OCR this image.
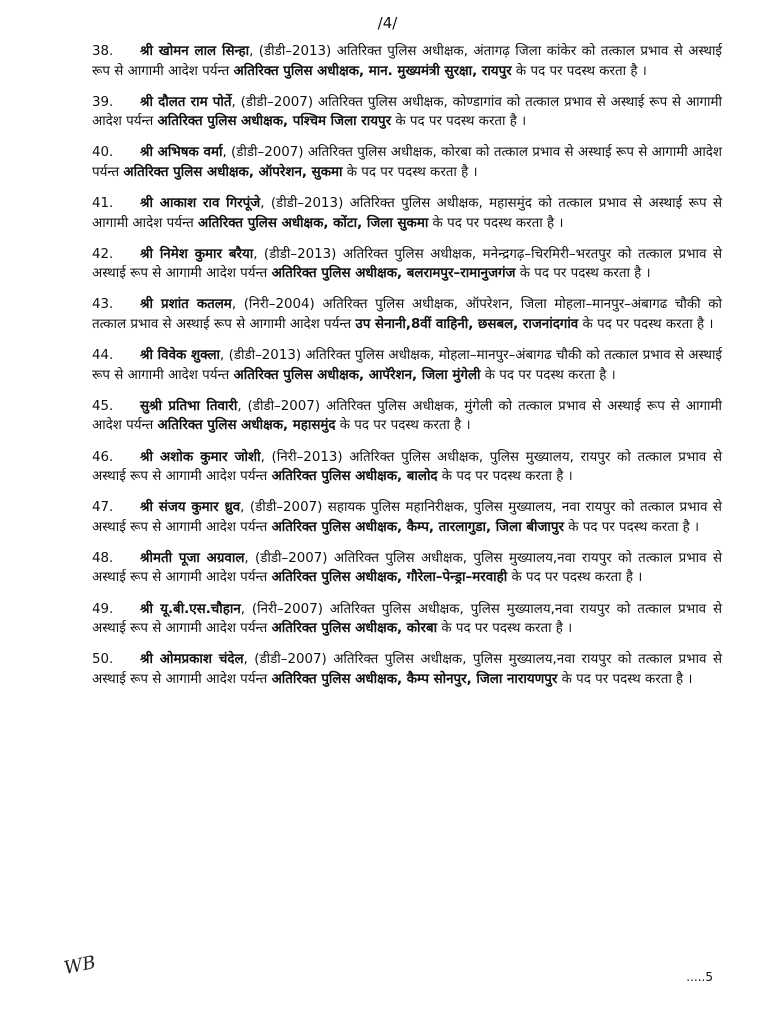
/4/

38. श्री खोमन लाल सिन्हा, (डीडी–2013) अतिरिक्त पुलिस अधीक्षक, अंतागढ़ जिला कांकेर को तत्काल प्रभाव से अस्थाई रूप से आगामी आदेश पर्यन्त अतिरिक्त पुलिस अधीक्षक, मान. मुख्यमंत्री सुरक्षा, रायपुर के पद पर पदस्थ करता है ।

39. श्री दौलत राम पोर्ते, (डीडी–2007) अतिरिक्त पुलिस अधीक्षक, कोण्डागांव को तत्काल प्रभाव से अस्थाई रूप से आगामी आदेश पर्यन्त अतिरिक्त पुलिस अधीक्षक, पश्चिम जिला रायपुर के पद पर पदस्थ करता है ।

40. श्री अभिषक वर्मा, (डीडी–2007) अतिरिक्त पुलिस अधीक्षक, कोरबा को तत्काल प्रभाव से अस्थाई रूप से आगामी आदेश पर्यन्त अतिरिक्त पुलिस अधीक्षक, ऑपरेशन, सुकमा के पद पर पदस्थ करता है ।

41. श्री आकाश राव गिरपूंजे, (डीडी–2013) अतिरिक्त पुलिस अधीक्षक, महासमुंद को तत्काल प्रभाव से अस्थाई रूप से आगामी आदेश पर्यन्त अतिरिक्त पुलिस अधीक्षक, कोंटा, जिला सुकमा के पद पर पदस्थ करता है ।

42. श्री निमेश कुमार बरैया, (डीडी–2013) अतिरिक्त पुलिस अधीक्षक, मनेन्द्रगढ़–चिरमिरी–भरतपुर को तत्काल प्रभाव से अस्थाई रूप से आगामी आदेश पर्यन्त अतिरिक्त पुलिस अधीक्षक, बलरामपुर–रामानुजगंज के पद पर पदस्थ करता है ।

43. श्री प्रशांत कतलम, (निरी–2004) अतिरिक्त पुलिस अधीक्षक, ऑपरेशन, जिला मोहला–मानपुर–अंबागढ चौकी को तत्काल प्रभाव से अस्थाई रूप से आगामी आदेश पर्यन्त उप सेनानी,8वीं वाहिनी, छसबल, राजनांदगांव के पद पर पदस्थ करता है ।

44. श्री विवेक शुक्ला, (डीडी–2013) अतिरिक्त पुलिस अधीक्षक, मोहला–मानपुर–अंबागढ चौकी को तत्काल प्रभाव से अस्थाई रूप से आगामी आदेश पर्यन्त अतिरिक्त पुलिस अधीक्षक, आपॅरेशन, जिला मुंगेली के पद पर पदस्थ करता है ।

45. सुश्री प्रतिभा तिवारी, (डीडी–2007) अतिरिक्त पुलिस अधीक्षक, मुंगेली को तत्काल प्रभाव से अस्थाई रूप से आगामी आदेश पर्यन्त अतिरिक्त पुलिस अधीक्षक, महासमुंद के पद पर पदस्थ करता है ।

46. श्री अशोक कुमार जोशी, (निरी–2013) अतिरिक्त पुलिस अधीक्षक, पुलिस मुख्यालय, रायपुर को तत्काल प्रभाव से अस्थाई रूप से आगामी आदेश पर्यन्त अतिरिक्त पुलिस अधीक्षक, बालोद के पद पर पदस्थ करता है ।

47. श्री संजय कुमार ध्रुव, (डीडी–2007) सहायक पुलिस महानिरीक्षक, पुलिस मुख्यालय, नवा रायपुर को तत्काल प्रभाव से अस्थाई रूप से आगामी आदेश पर्यन्त अतिरिक्त पुलिस अधीक्षक, कैम्प, तारलागुडा, जिला बीजापुर के पद पर पदस्थ करता है ।

48. श्रीमती पूजा अग्रवाल, (डीडी–2007) अतिरिक्त पुलिस अधीक्षक, पुलिस मुख्यालय,नवा रायपुर को तत्काल प्रभाव से अस्थाई रूप से आगामी आदेश पर्यन्त अतिरिक्त पुलिस अधीक्षक, गौरेला–पेन्ड्रा–मरवाही के पद पर पदस्थ करता है ।

49. श्री यू.बी.एस.चौहान, (निरी–2007) अतिरिक्त पुलिस अधीक्षक, पुलिस मुख्यालय,नवा रायपुर को तत्काल प्रभाव से अस्थाई रूप से आगामी आदेश पर्यन्त अतिरिक्त पुलिस अधीक्षक, कोरबा के पद पर पदस्थ करता है ।

50. श्री ओमप्रकाश चंदेल, (डीडी–2007) अतिरिक्त पुलिस अधीक्षक, पुलिस मुख्यालय,नवा रायपुर को तत्काल प्रभाव से अस्थाई रूप से आगामी आदेश पर्यन्त अतिरिक्त पुलिस अधीक्षक, कैम्प सोनपुर, जिला नारायणपुर के पद पर पदस्थ करता है ।

WB	.....5
